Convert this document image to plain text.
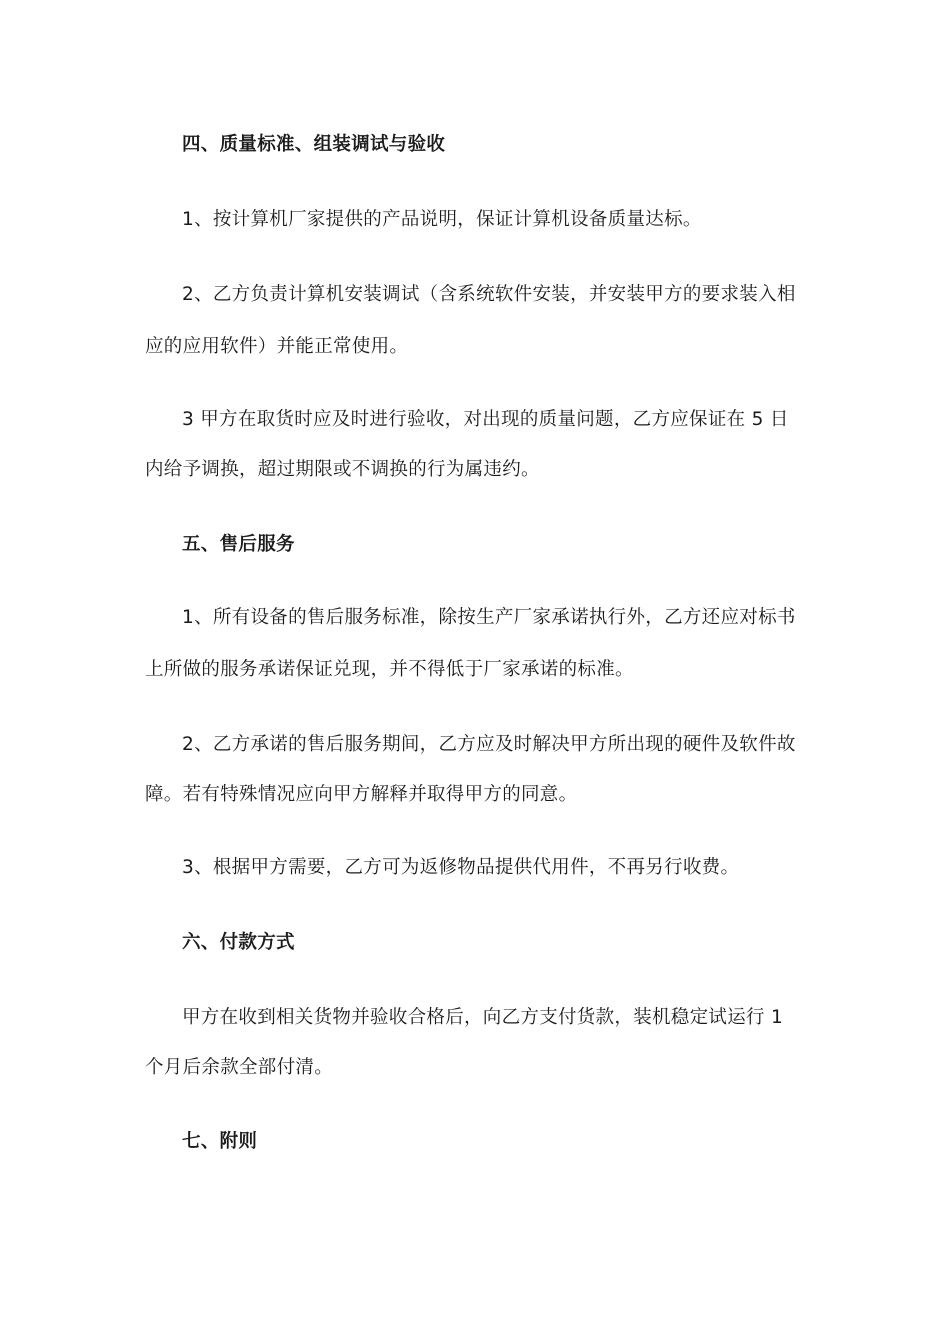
四、质量标准、组装调试与验收
1、按计算机厂家提供的产品说明，保证计算机设备质量达标。
2、乙方负责计算机安装调试（含系统软件安装，并安装甲方的要求装入相
应的应用软件）并能正常使用。
3 甲方在取货时应及时进行验收，对出现的质量问题，乙方应保证在 5 日
内给予调换，超过期限或不调换的行为属违约。
五、售后服务
1、所有设备的售后服务标准，除按生产厂家承诺执行外，乙方还应对标书
上所做的服务承诺保证兑现，并不得低于厂家承诺的标准。
2、乙方承诺的售后服务期间，乙方应及时解决甲方所出现的硬件及软件故
障。若有特殊情况应向甲方解释并取得甲方的同意。
3、根据甲方需要，乙方可为返修物品提供代用件，不再另行收费。
六、付款方式
甲方在收到相关货物并验收合格后，向乙方支付货款，装机稳定试运行 1
个月后余款全部付清。
七、附则
